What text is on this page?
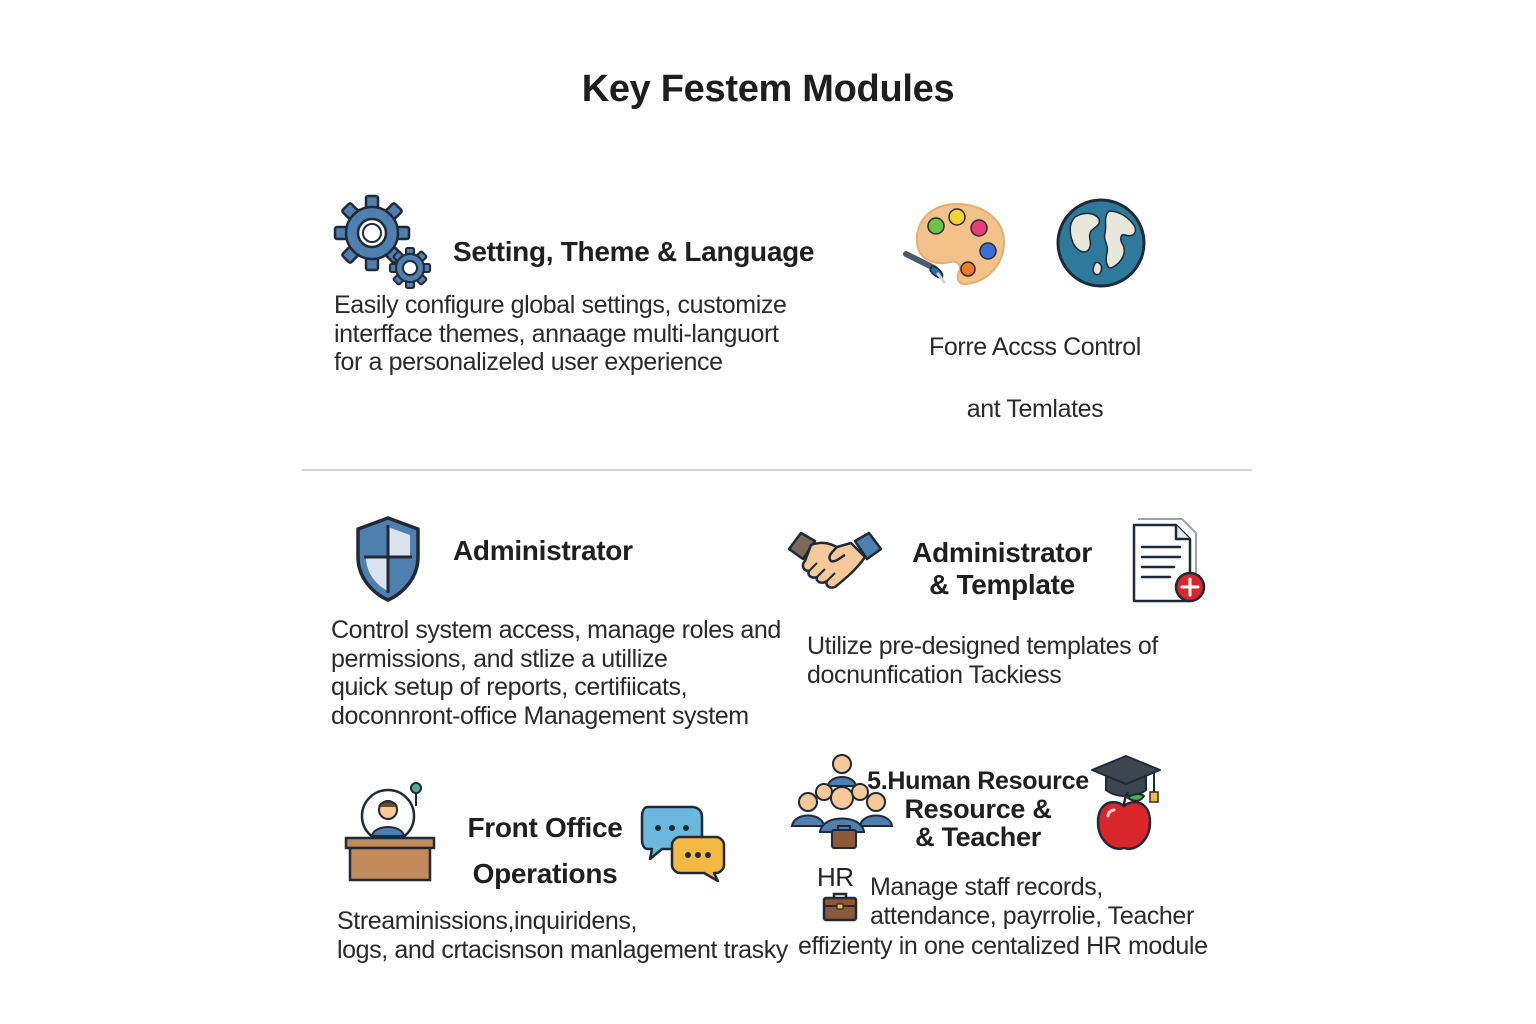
Key Festem Modules
Setting, Theme & Language
Easily configure global settings, customize
interfface themes, annaage multi-languort
for a personalizeled user experience
Forre Accss Control
ant Temlates
Administrator
Control system access, manage roles and
permissions, and stlize a utillize
quick setup of reports, certifiicats,
doconnront-office Management system
Administrator
& Template
Utilize pre-designed templates of
docnunfication Tackiess
Front Office
Operations
Streaminissions,inquiridens,
logs, and crtacisnson manlagement trasky
5.Human Resource
Resource &
& Teacher
HR Manage staff records,
attendance, payrrolie, Teacher
effizienty in one centalized HR module
